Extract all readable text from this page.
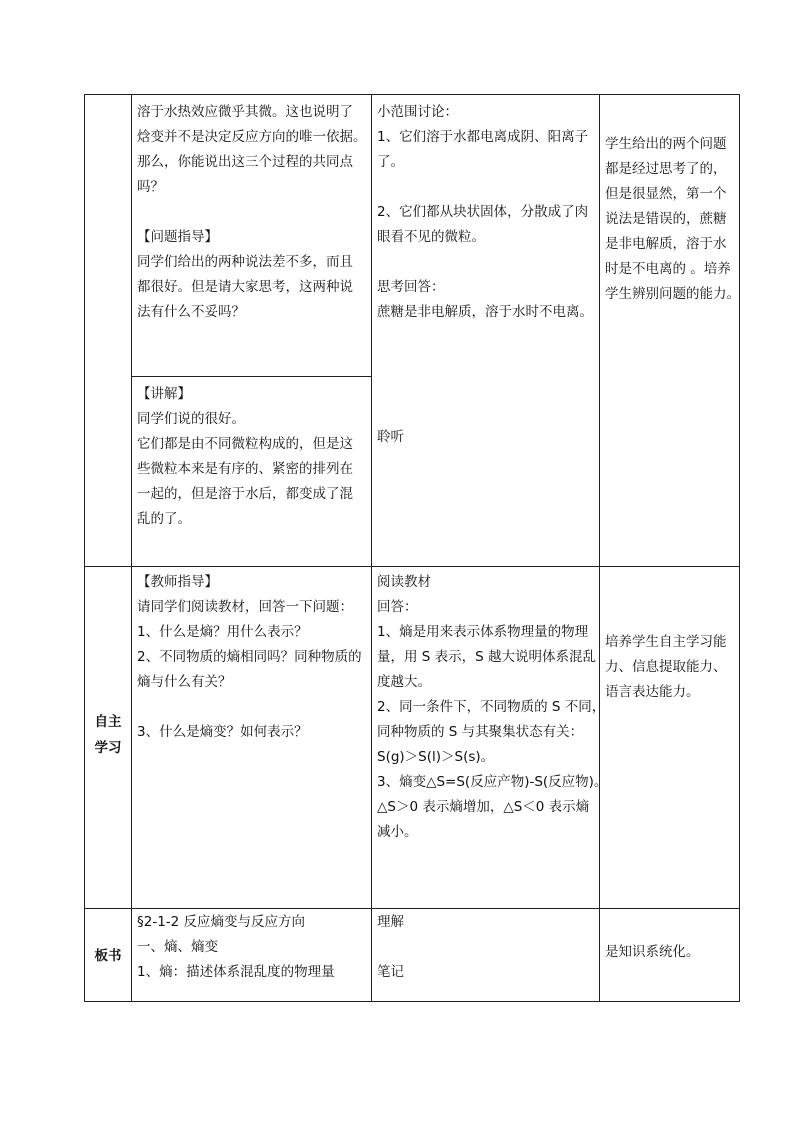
溶于水热效应微乎其微。这也说明了

焓变并不是决定反应方向的唯一依据。

那么，你能说出这三个过程的共同点

吗？

【问题指导】

同学们给出的两种说法差不多，而且

都很好。但是请大家思考，这两种说

法有什么不妥吗？

【讲解】

同学们说的很好。

它们都是由不同微粒构成的，但是这

些微粒本来是有序的、紧密的排列在

一起的，但是溶于水后，都变成了混

乱的了。

小范围讨论：

1、它们溶于水都电离成阴、阳离子

了。

2、它们都从块状固体，分散成了肉

眼看不见的微粒。

思考回答：

蔗糖是非电解质，溶于水时不电离。

聆听

学生给出的两个问题

都是经过思考了的，

但是很显然，第一个

说法是错误的，蔗糖

是非电解质，溶于水

时是不电离的 。培养

学生辨别问题的能力。

自主

学习

【教师指导】

请同学们阅读教材，回答一下问题：

1、什么是熵？用什么表示？

2、不同物质的熵相同吗？同种物质的

熵与什么有关？

3、什么是熵变？如何表示？

阅读教材

回答：

1、熵是用来表示体系物理量的物理

量，用 S 表示，S 越大说明体系混乱

度越大。

2、同一条件下，不同物质的 S 不同，

同种物质的 S 与其聚集状态有关：

S(g)＞S(l)＞S(s)。

3、熵变△S=S(反应产物)-S(反应物)。

△S＞0 表示熵增加，△S＜0 表示熵

减小。

培养学生自主学习能

力、信息提取能力、

语言表达能力。

板书

§2-1-2 反应熵变与反应方向

一、熵、熵变

1、熵：描述体系混乱度的物理量

理解

笔记

是知识系统化。
